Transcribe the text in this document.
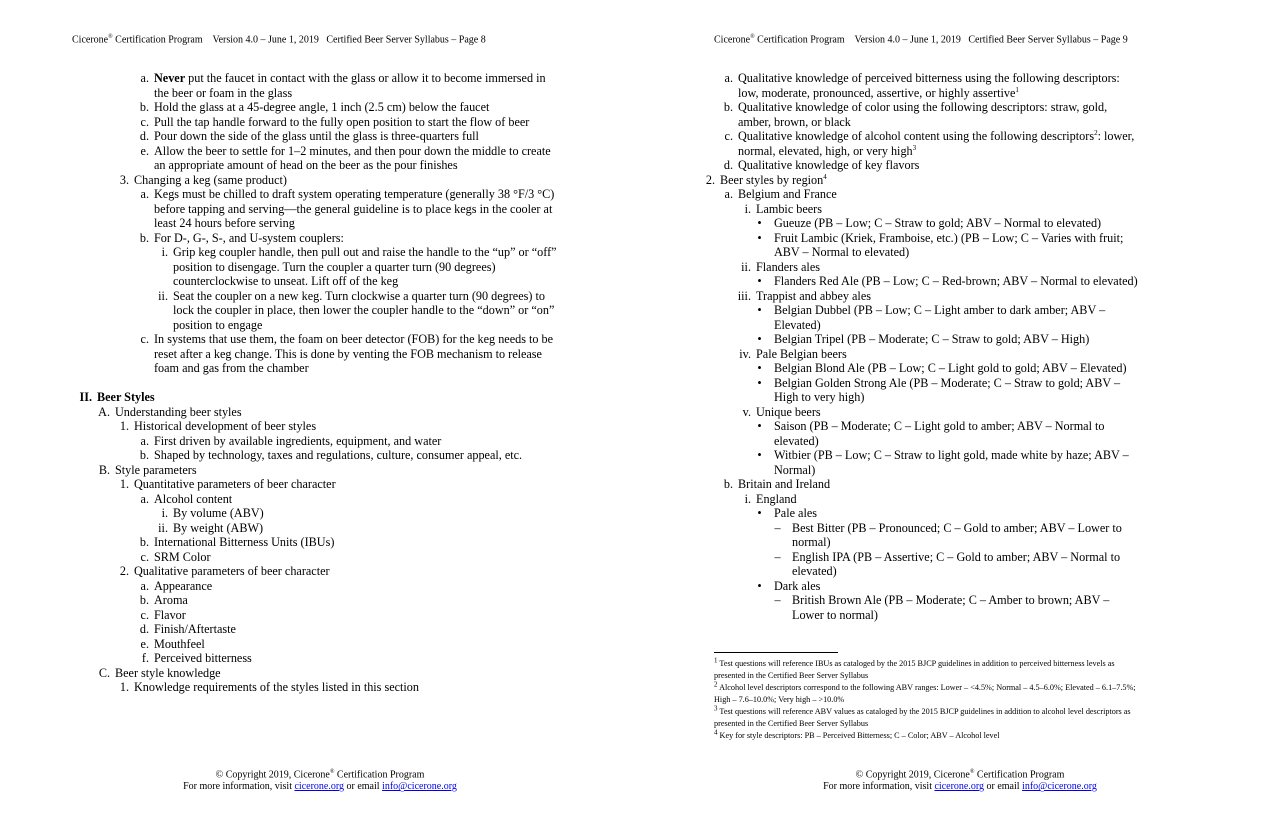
Cicerone® Certification Program    Version 4.0 – June 1, 2019   Certified Beer Server Syllabus – Page 8
a. Never put the faucet in contact with the glass or allow it to become immersed in
the beer or foam in the glass
b. Hold the glass at a 45-degree angle, 1 inch (2.5 cm) below the faucet
c. Pull the tap handle forward to the fully open position to start the flow of beer
d. Pour down the side of the glass until the glass is three-quarters full
e. Allow the beer to settle for 1–2 minutes, and then pour down the middle to create
an appropriate amount of head on the beer as the pour finishes
3. Changing a keg (same product)
a. Kegs must be chilled to draft system operating temperature (generally 38 °F/3 °C)
before tapping and serving—the general guideline is to place kegs in the cooler at
least 24 hours before serving
b. For D-, G-, S-, and U-system couplers:
i. Grip keg coupler handle, then pull out and raise the handle to the “up” or “off”
position to disengage. Turn the coupler a quarter turn (90 degrees)
counterclockwise to unseat. Lift off of the keg
ii. Seat the coupler on a new keg. Turn clockwise a quarter turn (90 degrees) to
lock the coupler in place, then lower the coupler handle to the “down” or “on”
position to engage
c. In systems that use them, the foam on beer detector (FOB) for the keg needs to be
reset after a keg change. This is done by venting the FOB mechanism to release
foam and gas from the chamber

II. Beer Styles
A. Understanding beer styles
1. Historical development of beer styles
a. First driven by available ingredients, equipment, and water
b. Shaped by technology, taxes and regulations, culture, consumer appeal, etc.
B. Style parameters
1. Quantitative parameters of beer character
a. Alcohol content
i. By volume (ABV)
ii. By weight (ABW)
b. International Bitterness Units (IBUs)
c. SRM Color
2. Qualitative parameters of beer character
a. Appearance
b. Aroma
c. Flavor
d. Finish/Aftertaste
e. Mouthfeel
f. Perceived bitterness
C. Beer style knowledge
1. Knowledge requirements of the styles listed in this section
© Copyright 2019, Cicerone® Certification Program
For more information, visit cicerone.org or email info@cicerone.org
Cicerone® Certification Program    Version 4.0 – June 1, 2019   Certified Beer Server Syllabus – Page 9
a. Qualitative knowledge of perceived bitterness using the following descriptors:
low, moderate, pronounced, assertive, or highly assertive$^1$
b. Qualitative knowledge of color using the following descriptors: straw, gold,
amber, brown, or black
c. Qualitative knowledge of alcohol content using the following descriptors$^2$: lower,
normal, elevated, high, or very high$^3$
d. Qualitative knowledge of key flavors
2. Beer styles by region$^4$
a. Belgium and France
i. Lambic beers
•	Gueuze (PB – Low; C – Straw to gold; ABV – Normal to elevated)
•	Fruit Lambic (Kriek, Framboise, etc.) (PB – Low; C – Varies with fruit;
ABV – Normal to elevated)
ii. Flanders ales
•	Flanders Red Ale (PB – Low; C – Red-brown; ABV – Normal to elevated)
iii. Trappist and abbey ales
•	Belgian Dubbel (PB – Low; C – Light amber to dark amber; ABV –
Elevated)
•	Belgian Tripel (PB – Moderate; C – Straw to gold; ABV – High)
iv. Pale Belgian beers
•	Belgian Blond Ale (PB – Low; C – Light gold to gold; ABV – Elevated)
•	Belgian Golden Strong Ale (PB – Moderate; C – Straw to gold; ABV –
High to very high)
v. Unique beers
•	Saison (PB – Moderate; C – Light gold to amber; ABV – Normal to
elevated)
•	Witbier (PB – Low; C – Straw to light gold, made white by haze; ABV –
Normal)
b. Britain and Ireland
i. England
•	Pale ales
– Best Bitter (PB – Pronounced; C – Gold to amber; ABV – Lower to
normal)
– English IPA (PB – Assertive; C – Gold to amber; ABV – Normal to
elevated)
•	Dark ales
– British Brown Ale (PB – Moderate; C – Amber to brown; ABV –
Lower to normal)
$^1$ Test questions will reference IBUs as cataloged by the 2015 BJCP guidelines in addition to perceived bitterness levels as
presented in the Certified Beer Server Syllabus
$^2$ Alcohol level descriptors correspond to the following ABV ranges: Lower – <4.5%; Normal – 4.5–6.0%; Elevated – 6.1–7.5%;
High – 7.6–10.0%; Very high – >10.0%
$^3$ Test questions will reference ABV values as cataloged by the 2015 BJCP guidelines in addition to alcohol level descriptors as
presented in the Certified Beer Server Syllabus
$^4$ Key for style descriptors: PB – Perceived Bitterness; C – Color; ABV – Alcohol level
© Copyright 2019, Cicerone® Certification Program
For more information, visit cicerone.org or email info@cicerone.org
